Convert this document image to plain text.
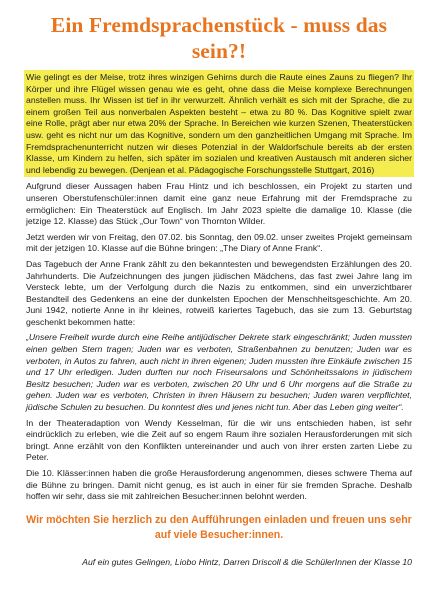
Ein Fremdsprachenstück - muss das sein?!

Wie gelingt es der Meise, trotz ihres winzigen Gehirns durch die Raute eines Zauns zu fliegen? Ihr Körper und ihre Flügel wissen genau wie es geht, ohne dass die Meise komplexe Berechnungen anstellen muss. Ihr Wissen ist tief in ihr verwurzelt. Ähnlich verhält es sich mit der Sprache, die zu einem großen Teil aus nonverbalen Aspekten besteht – etwa zu 80 %. Das Kognitive spielt zwar eine Rolle, prägt aber nur etwa 20% der Sprache. In Bereichen wie kurzen Szenen, Theaterstücken usw. geht es nicht nur um das Kognitive, sondern um den ganzheitlichen Umgang mit Sprache. Im Fremdsprachenunterricht nutzen wir dieses Potenzial in der Waldorfschule bereits ab der ersten Klasse, um Kindern zu helfen, sich später im sozialen und kreativen Austausch mit anderen sicher und lebendig zu bewegen. (Denjean et al. Pädagogische Forschungsstelle Stuttgart, 2016)

Aufgrund dieser Aussagen haben Frau Hintz und ich beschlossen, ein Projekt zu starten und unseren Oberstufenschüler:innen damit eine ganz neue Erfahrung mit der Fremdsprache zu ermöglichen: Ein Theaterstück auf Englisch. Im Jahr 2023 spielte die damalige 10. Klasse (die jetzige 12. Klasse) das Stück „Our Town“ von Thornton Wilder.

Jetzt werden wir von Freitag, den 07.02. bis Sonntag, den 09.02. unser zweites Projekt gemeinsam mit der jetzigen 10. Klasse auf die Bühne bringen: „The Diary of Anne Frank“.

Das Tagebuch der Anne Frank zählt zu den bekanntesten und bewegendsten Erzählungen des 20. Jahrhunderts. Die Aufzeichnungen des jungen jüdischen Mädchens, das fast zwei Jahre lang im Versteck lebte, um der Verfolgung durch die Nazis zu entkommen, sind ein unverzichtbarer Bestandteil des Gedenkens an eine der dunkelsten Epochen der Menschheitsgeschichte. Am 20. Juni 1942, notierte Anne in ihr kleines, rotweiß kariertes Tagebuch, das sie zum 13. Geburtstag geschenkt bekommen hatte:

„Unsere Freiheit wurde durch eine Reihe antijüdischer Dekrete stark eingeschränkt; Juden mussten einen gelben Stern tragen; Juden war es verboten, Straßenbahnen zu benutzen; Juden war es verboten, in Autos zu fahren, auch nicht in ihren eigenen; Juden mussten ihre Einkäufe zwischen 15 und 17 Uhr erledigen. Juden durften nur noch Friseursalons und Schönheitssalons in jüdischem Besitz besuchen; Juden war es verboten, zwischen 20 Uhr und 6 Uhr morgens auf die Straße zu gehen. Juden war es verboten, Christen in ihren Häusern zu besuchen; Juden waren verpflichtet, jüdische Schulen zu besuchen. Du konntest dies und jenes nicht tun. Aber das Leben ging weiter“.

In der Theateradaption von Wendy Kesselman, für die wir uns entschieden haben, ist sehr eindrücklich zu erleben, wie die Zeit auf so engem Raum ihre sozialen Herausforderungen mit sich bringt. Anne erzählt von den Konflikten untereinander und auch von ihrer ersten zarten Liebe zu Peter.

Die 10. Klässer:innen haben die große Herausforderung angenommen, dieses schwere Thema auf die Bühne zu bringen. Damit nicht genug, es ist auch in einer für sie fremden Sprache. Deshalb hoffen wir sehr, dass sie mit zahlreichen Besucher:innen belohnt werden.

Wir möchten Sie herzlich zu den Aufführungen einladen und freuen uns sehr auf viele Besucher:innen.

Auf ein gutes Gelingen, Liobo Hintz, Darren Driscoll & die SchülerInnen der Klasse 10
